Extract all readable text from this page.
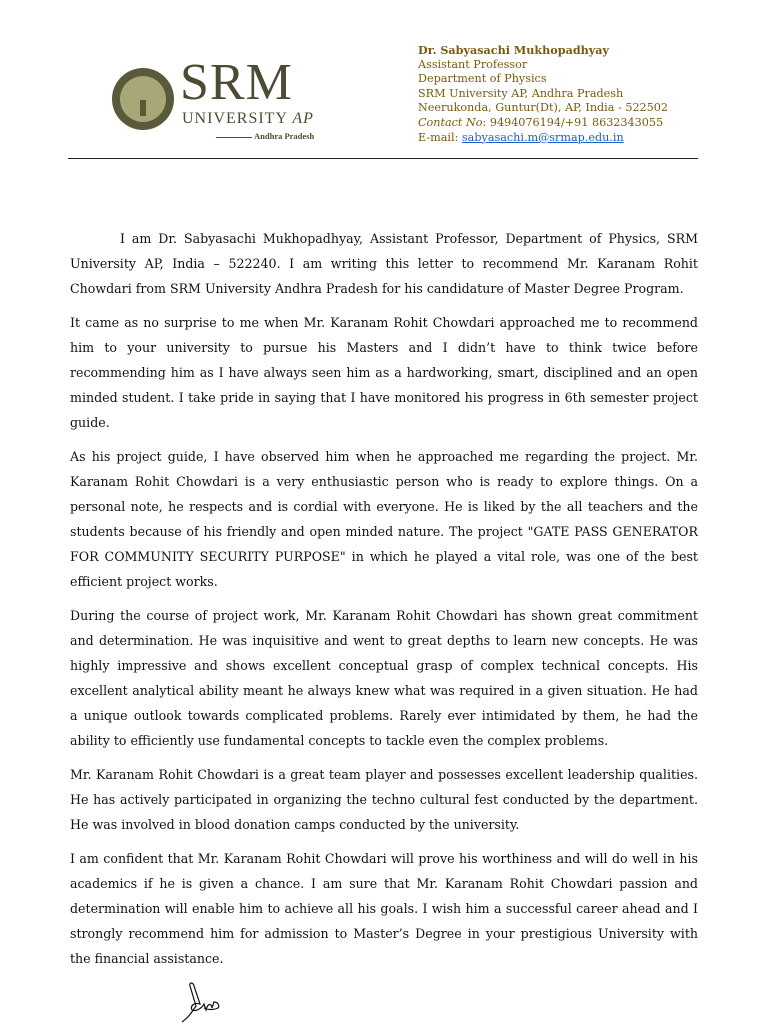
SRM
UNIVERSITY AP
Andhra Pradesh
Dr. Sabyasachi Mukhopadhyay
Assistant Professor
Department of Physics
SRM University AP, Andhra Pradesh
Neerukonda, Guntur(Dt), AP, India - 522502
Contact No: 9494076194/+91 8632343055
E-mail: sabyasachi.m@srmap.edu.in

I am Dr. Sabyasachi Mukhopadhyay, Assistant Professor, Department of Physics, SRM University AP, India – 522240. I am writing this letter to recommend Mr. Karanam Rohit Chowdari from SRM University Andhra Pradesh for his candidature of Master Degree Program.

It came as no surprise to me when Mr. Karanam Rohit Chowdari approached me to recommend him to your university to pursue his Masters and I didn’t have to think twice before recommending him as I have always seen him as a hardworking, smart, disciplined and an open minded student. I take pride in saying that I have monitored his progress in 6th semester project guide.

As his project guide, I have observed him when he approached me regarding the project. Mr. Karanam Rohit Chowdari is a very enthusiastic person who is ready to explore things. On a personal note, he respects and is cordial with everyone. He is liked by the all teachers and the students because of his friendly and open minded nature. The project "GATE PASS GENERATOR FOR COMMUNITY SECURITY PURPOSE" in which he played a vital role, was one of the best efficient project works.

During the course of project work, Mr. Karanam Rohit Chowdari has shown great commitment and determination. He was inquisitive and went to great depths to learn new concepts. He was highly impressive and shows excellent conceptual grasp of complex technical concepts. His excellent analytical ability meant he always knew what was required in a given situation. He had a unique outlook towards complicated problems. Rarely ever intimidated by them, he had the ability to efficiently use fundamental concepts to tackle even the complex problems.

Mr. Karanam Rohit Chowdari is a great team player and possesses excellent leadership qualities. He has actively participated in organizing the techno cultural fest conducted by the department. He was involved in blood donation camps conducted by the university.

I am confident that Mr. Karanam Rohit Chowdari will prove his worthiness and will do well in his academics if he is given a chance. I am sure that Mr. Karanam Rohit Chowdari passion and determination will enable him to achieve all his goals. I wish him a successful career ahead and I strongly recommend him for admission to Master’s Degree in your prestigious University with the financial assistance.
